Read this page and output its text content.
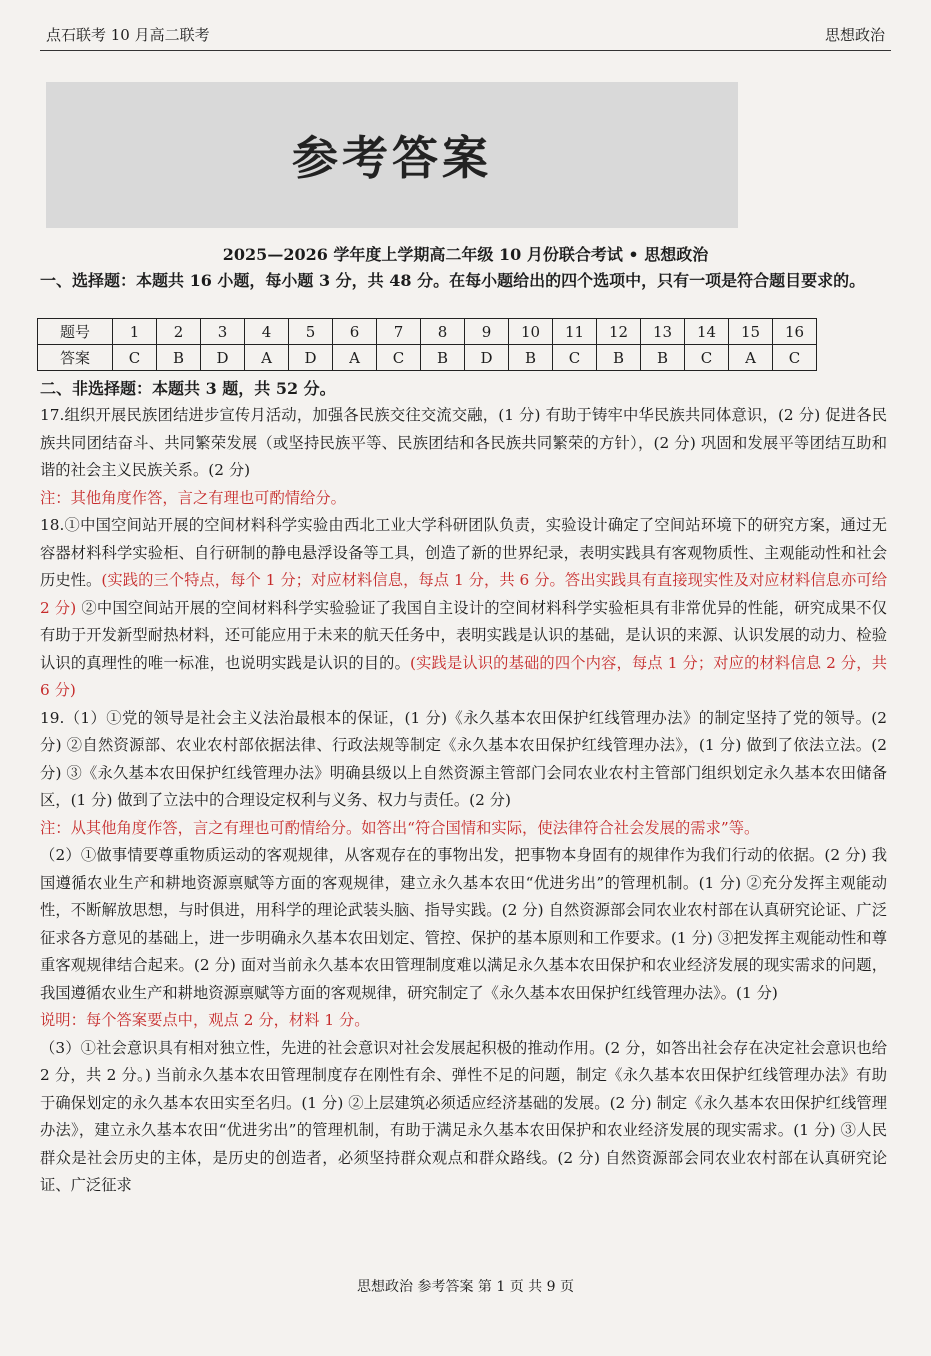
点石联考 10 月高二联考	思想政治
参考答案
2025—2026 学年度上学期高二年级 10 月份联合考试 • 思想政治
一、选择题：本题共 16 小题，每小题 3 分，共 48 分。在每小题给出的四个选项中，只有一项是符合题目要求的。
题号	1	2	3	4	5	6	7	8	9	10	11	12	13	14	15	16
答案	C	B	D	A	D	A	C	B	D	B	C	B	B	C	A	C
二、非选择题：本题共 3 题，共 52 分。

17.组织开展民族团结进步宣传月活动，加强各民族交往交流交融，(1 分) 有助于铸牢中华民族共同体意识，(2 分) 促进各民族共同团结奋斗、共同繁荣发展（或坚持民族平等、民族团结和各民族共同繁荣的方针），(2 分) 巩固和发展平等团结互助和谐的社会主义民族关系。(2 分)

注：其他角度作答，言之有理也可酌情给分。

18.①中国空间站开展的空间材料科学实验由西北工业大学科研团队负责，实验设计确定了空间站环境下的研究方案，通过无容器材料科学实验柜、自行研制的静电悬浮设备等工具，创造了新的世界纪录，表明实践具有客观物质性、主观能动性和社会历史性。(实践的三个特点，每个 1 分；对应材料信息，每点 1 分，共 6 分。答出实践具有直接现实性及对应材料信息亦可给 2 分) ②中国空间站开展的空间材料科学实验验证了我国自主设计的空间材料科学实验柜具有非常优异的性能，研究成果不仅有助于开发新型耐热材料，还可能应用于未来的航天任务中，表明实践是认识的基础，是认识的来源、认识发展的动力、检验认识的真理性的唯一标准，也说明实践是认识的目的。(实践是认识的基础的四个内容，每点 1 分；对应的材料信息 2 分，共 6 分)

19.（1）①党的领导是社会主义法治最根本的保证，(1 分)《永久基本农田保护红线管理办法》的制定坚持了党的领导。(2 分) ②自然资源部、农业农村部依据法律、行政法规等制定《永久基本农田保护红线管理办法》，(1 分) 做到了依法立法。(2 分) ③《永久基本农田保护红线管理办法》明确县级以上自然资源主管部门会同农业农村主管部门组织划定永久基本农田储备区，(1 分) 做到了立法中的合理设定权利与义务、权力与责任。(2 分)

注：从其他角度作答，言之有理也可酌情给分。如答出“符合国情和实际，使法律符合社会发展的需求”等。

（2）①做事情要尊重物质运动的客观规律，从客观存在的事物出发，把事物本身固有的规律作为我们行动的依据。(2 分) 我国遵循农业生产和耕地资源禀赋等方面的客观规律，建立永久基本农田“优进劣出”的管理机制。(1 分) ②充分发挥主观能动性，不断解放思想，与时俱进，用科学的理论武装头脑、指导实践。(2 分) 自然资源部会同农业农村部在认真研究论证、广泛征求各方意见的基础上，进一步明确永久基本农田划定、管控、保护的基本原则和工作要求。(1 分) ③把发挥主观能动性和尊重客观规律结合起来。(2 分) 面对当前永久基本农田管理制度难以满足永久基本农田保护和农业经济发展的现实需求的问题，我国遵循农业生产和耕地资源禀赋等方面的客观规律，研究制定了《永久基本农田保护红线管理办法》。(1 分)

说明：每个答案要点中，观点 2 分，材料 1 分。

（3）①社会意识具有相对独立性，先进的社会意识对社会发展起积极的推动作用。(2 分，如答出社会存在决定社会意识也给 2 分，共 2 分。) 当前永久基本农田管理制度存在刚性有余、弹性不足的问题，制定《永久基本农田保护红线管理办法》有助于确保划定的永久基本农田实至名归。(1 分) ②上层建筑必须适应经济基础的发展。(2 分) 制定《永久基本农田保护红线管理办法》，建立永久基本农田“优进劣出”的管理机制，有助于满足永久基本农田保护和农业经济发展的现实需求。(1 分) ③人民群众是社会历史的主体，是历史的创造者，必须坚持群众观点和群众路线。(2 分) 自然资源部会同农业农村部在认真研究论证、广泛征求

思想政治 参考答案 第 1 页 共 9 页
